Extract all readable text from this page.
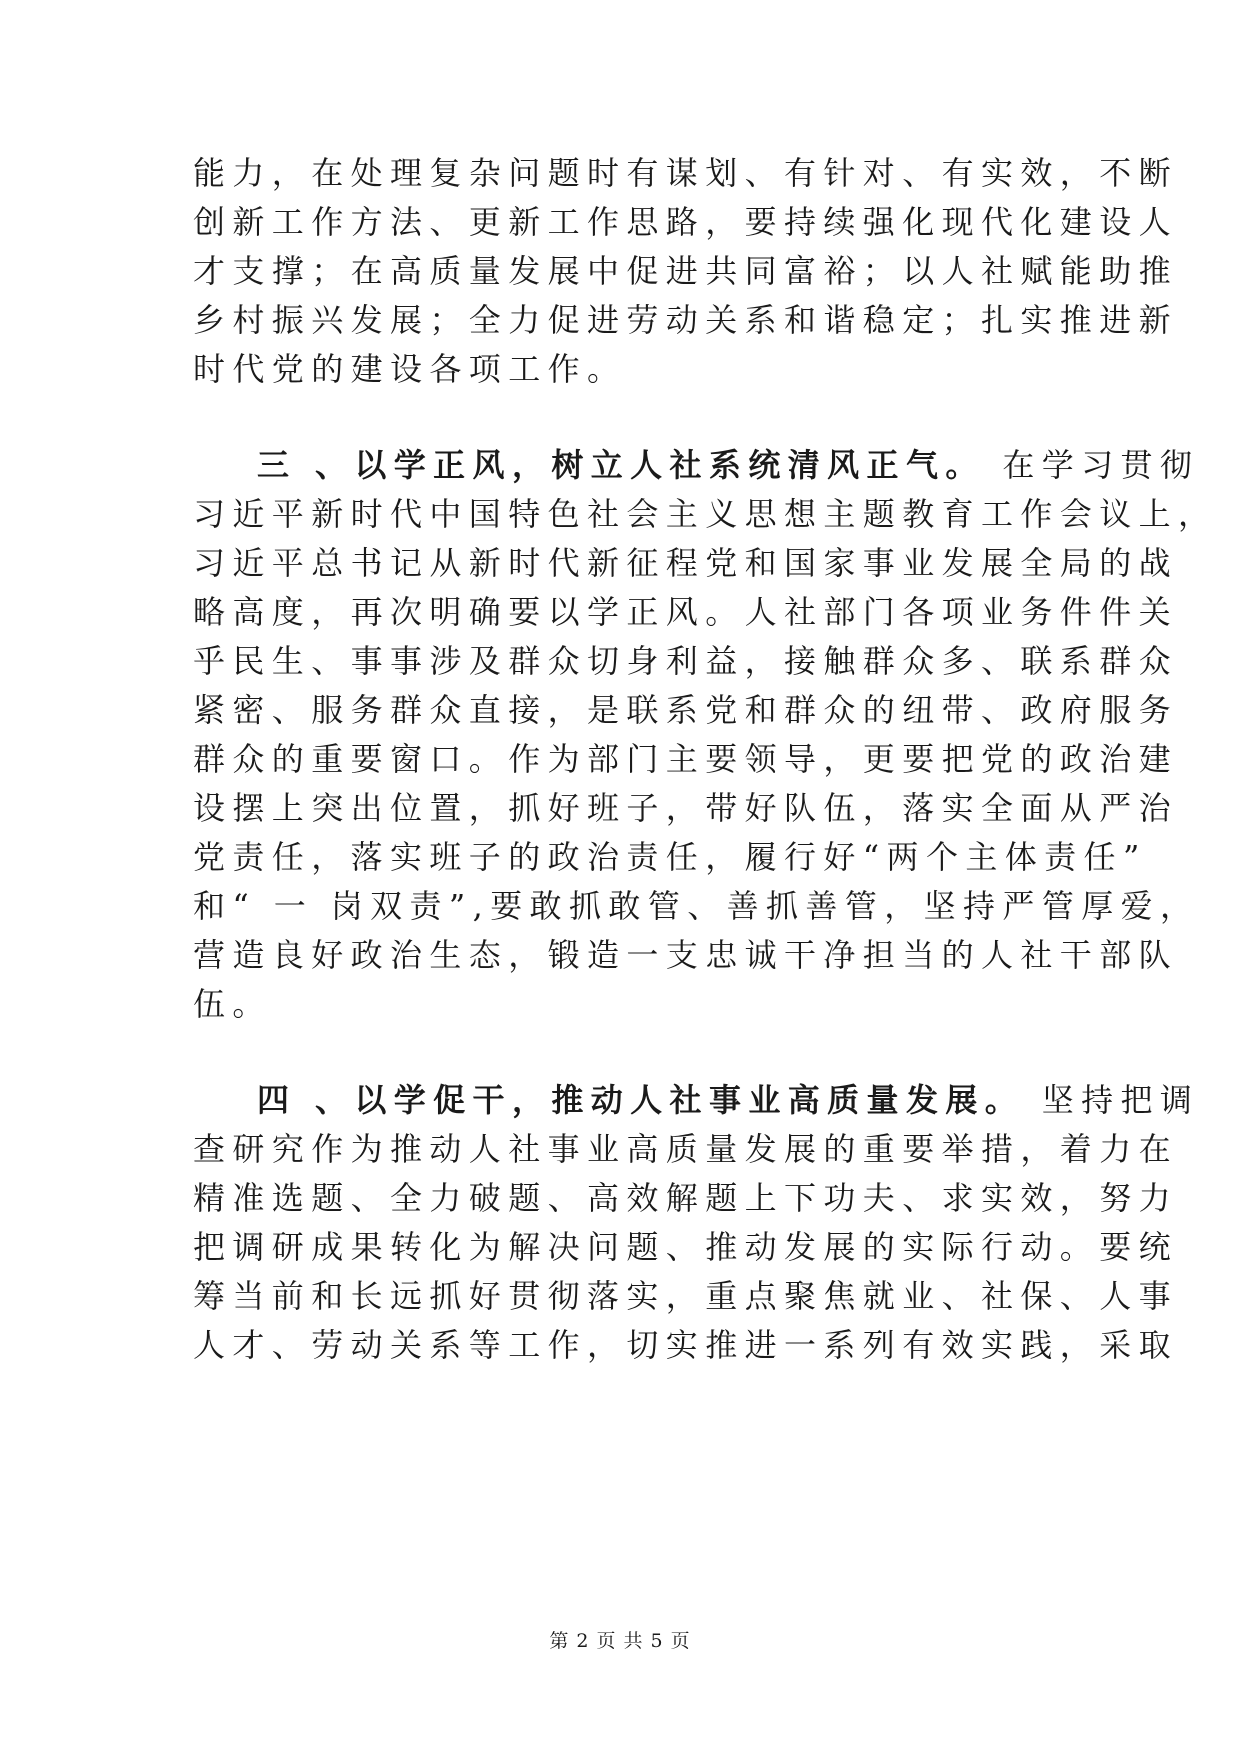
能力，在处理复杂问题时有谋划、有针对、有实效，不断
创新工作方法、更新工作思路，要持续强化现代化建设人
才支撑；在高质量发展中促进共同富裕；以人社赋能助推
乡村振兴发展；全力促进劳动关系和谐稳定；扎实推进新
时代党的建设各项工作。
三 、以学正风，树立人社系统清风正气。 在学习贯彻
习近平新时代中国特色社会主义思想主题教育工作会议上，
习近平总书记从新时代新征程党和国家事业发展全局的战
略高度，再次明确要以学正风。人社部门各项业务件件关
乎民生、事事涉及群众切身利益，接触群众多、联系群众
紧密、服务群众直接，是联系党和群众的纽带、政府服务
群众的重要窗口。作为部门主要领导，更要把党的政治建
设摆上突出位置，抓好班子，带好队伍，落实全面从严治
党责任，落实班子的政治责任，履行好“两个主体责任”
和“ 一 岗双责”,要敢抓敢管、善抓善管，坚持严管厚爱，
营造良好政治生态，锻造一支忠诚干净担当的人社干部队
伍。
四 、以学促干，推动人社事业高质量发展。 坚持把调
查研究作为推动人社事业高质量发展的重要举措，着力在
精准选题、全力破题、高效解题上下功夫、求实效，努力
把调研成果转化为解决问题、推动发展的实际行动。要统
筹当前和长远抓好贯彻落实，重点聚焦就业、社保、人事
人才、劳动关系等工作，切实推进一系列有效实践，采取
第 2 页 共 5 页
